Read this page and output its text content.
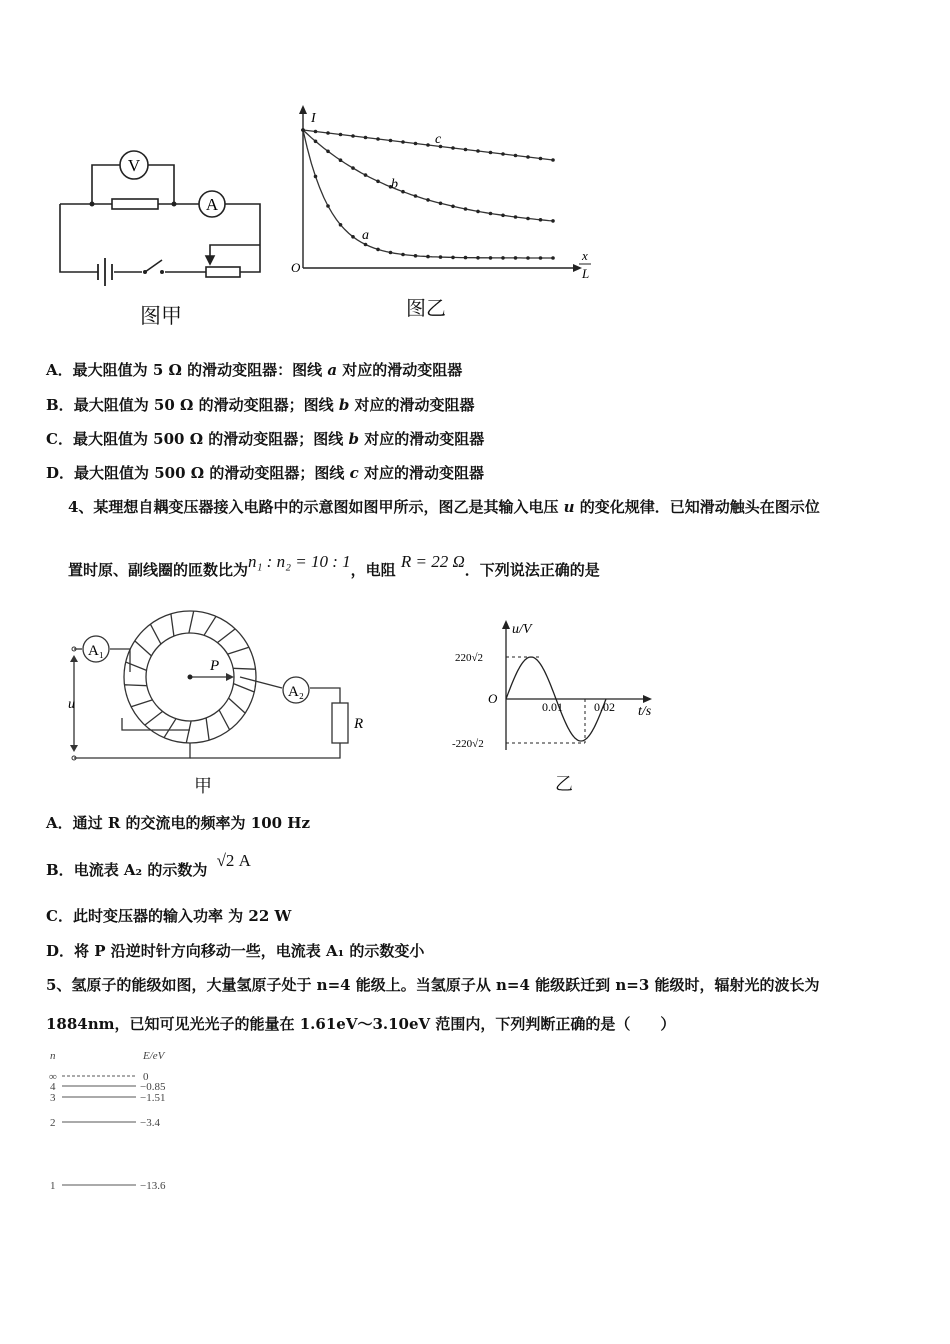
V
A
图甲
I
O
x
L
c
b
a
图乙
A．最大阻值为 5 Ω 的滑动变阻器：图线 a 对应的滑动变阻器
B．最大阻值为 50 Ω 的滑动变阻器；图线 b 对应的滑动变阻器
C．最大阻值为 500 Ω 的滑动变阻器；图线 b 对应的滑动变阻器
D．最大阻值为 500 Ω 的滑动变阻器；图线 c 对应的滑动变阻器
4、某理想自耦变压器接入电路中的示意图如图甲所示，图乙是其输入电压 u 的变化规律．已知滑动触头在图示位
置时原、副线圈的匝数比为n₁ : n₂ = 10 : 1，电阻 R = 22 Ω．下列说法正确的是
A₁
A₂
P
R
u
甲
u/V
t/s
O
0.01	0.02
220√2
-220√2
乙
A．通过 R 的交流电的频率为 100 Hz
B．电流表 A₂ 的示数为 √2 A
C．此时变压器的输入功率 为 22 W
D．将 P 沿逆时针方向移动一些，电流表 A₁ 的示数变小
5、氢原子的能级如图，大量氢原子处于 n=4 能级上。当氢原子从 n=4 能级跃迁到 n=3 能级时，辐射光的波长为
1884nm，已知可见光光子的能量在 1.61eV～3.10eV 范围内，下列判断正确的是（　　）
n	E/eV
∞
4
3
2
1
0
−0.85
−1.51
−3.4
−13.6
